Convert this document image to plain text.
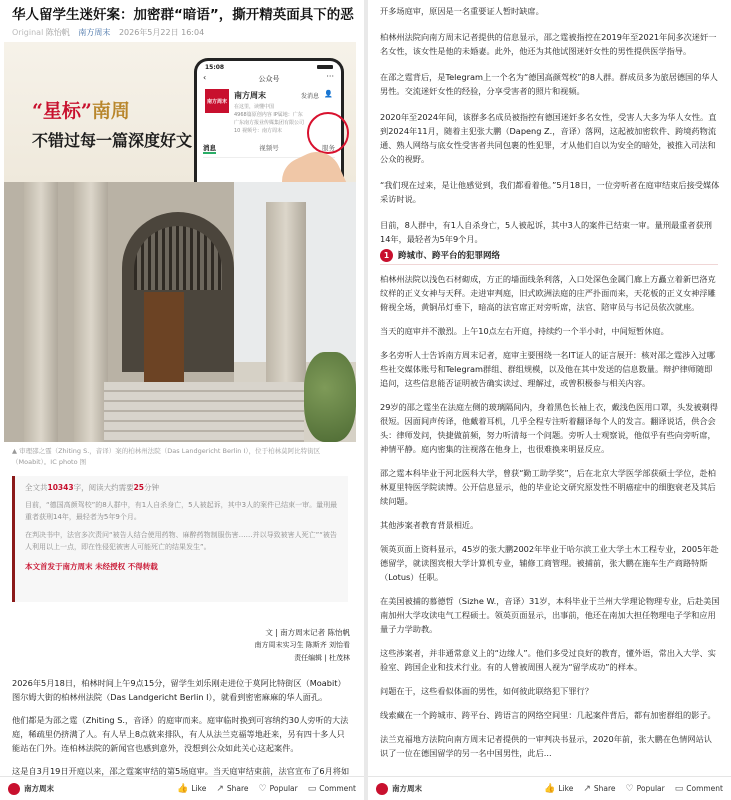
华人留学生迷奸案：加密群“暗语”，撕开精英面具下的恶
Original 陈怡帆 南方周末 2026年5月22日 16:04
“星标”南周
不错过每一篇深度好文
15:08
‹	公众号	···
南方周末
南方周末	发消息 👤
在这里，读懂中国
4968篇原创内容 IP属地：广东
广东南方报业传媒集团有限公司
10 视频号：南方周末
消息	视频号	服务
▲ 审理邵之霆（Zhiting S.，音译）案的柏林州法院（Das Landgericht Berlin I），位于柏林莫阿比特街区（Moabit）。IC photo 图
全文共10343字，阅读大约需要25分钟

目前，“德国高颜驾校”的8人群中，有1人自杀身亡，5人被起诉，其中3人的案件已结束一审。量刑最重者获刑14年，最轻者为5年9个月。

在判决书中，法官多次责问“被告人结合使用药物、麻醉药物制服伤害……并以导致被害人死亡”“被告人利用以上一点，即在性侵犯被害人可能死亡的结果发生”。

本文首发于南方周末 未经授权 不得转载
文 | 南方周末记者 陈怡帆
南方周末实习生 陈斯齐 刘怡看
责任编辑 | 杜茂林

2026年5月18日，柏林时间上午9点15分，留学生刘乐刚走进位于莫阿比特街区（Moabit）图尔姆大街的柏林州法院（Das Landgericht Berlin I），就看到密密麻麻的华人面孔。

他们都是为邵之霆（Zhiting S.，音译）的庭审而来。庭审临时换到可容纳约30人旁听的大法庭，稀疏里仍挤满了人。有人早上8点就来排队，有人从法兰克福等地赶来，另有四十多人只能站在门外。连柏林法院的新闻官也感到意外，没想到公众如此关心这起案件。

这是自3月19日开庭以来，邵之霆案审结的第5场庭审。当天庭审结束前，法官宣布了6月将如

南方周末	👍 Like ↗ Share ♡ Popular ▭ Comment

开多场庭审，原因是一名重要证人暂时缺席。

柏林州法院向南方周末记者提供的信息显示，邵之霆被指控在2019年至2021年间多次迷奸一名女性，该女性是他的未婚妻。此外，他还为其他试图迷奸女性的男性提供医学指导。

在邵之霆背后，是Telegram上一个名为“德国高颜驾校”的8人群。群成员多为旅居德国的华人男性。交流迷奸女性的经验，分享受害者的照片和视频。

2020年至2024年间，该群多名成员被指控有德国迷奸多名女性，受害人大多为华人女性。直到2024年11月，随着主犯张大鹏（Dapeng Z.，音译）落网，这起被加密软件、跨境药物流通、熟人网络与底女性受害者共同包裹的性犯罪，才从他们自以为安全的暗处，被推入司法和公众的视野。

“我们现在过来，是让他感觉到，我们都看着他。”5月18日，一位旁听者在庭审结束后接受媒体采访时说。

目前，8人群中，有1人自杀身亡，5人被起诉，其中3人的案件已结束一审。量刑最重者获刑14年，最轻者为5年9个月。

1	跨城市、跨平台的犯罪网络

柏林州法院以浅色石材砌成，方正的墙面线条利落，入口处深色金属门廊上方矗立着新巴洛克纹样的正义女神与天秤。走进审判庭，旧式欧洲法庭的庄严扑面而来，天花板的正义女神浮雕俯视全场，黄铜吊灯垂下，暗高的法官席正对旁听席，法官、陪审员与书记员依次就座。

当天的庭审并不激烈。上午10点左右开庭，持续约一个半小时，中间短暂休庭。

多名旁听人士告诉南方周末记者，庭审主要围绕一名IT证人的证言展开：核对邵之霆涉入过哪些社交媒体账号和Telegram群组、群组规模，以及他在其中发送的信息数量。辩护律师随即追问，这些信息能否证明被告确实读过、理解过，或曾积极参与相关内容。

29岁的邵之霆坐在法庭左侧的玻璃隔间内，身着黑色长袖上衣，戴浅色医用口罩，头发被剃得很短。因面间声传译，他戴着耳机，几乎全程专注听着翻译每个人的发言。翻译说话，供合会头：律师发问，快捷做前频，努力听清每一个问题。旁听人士观察说，他似乎有些向旁听席，神情平静。庭内密集的注视落在他身上，也很难换来明显反应。

邵之霆本科毕业于河北医科大学，曾获“勤工助学奖”，后在北京大学医学部获硕士学位，赴柏林夏里特医学院读博。公开信息显示，他的毕业论文研究原发性不明癌症中的细胞衰老及其后续问题。

其他涉案者教育背景相近。

领英页面上资料显示，45岁的张大鹏2002年毕业于哈尔滨工业大学土木工程专业，2005年赴德留学，就读图宾根大学计算机专业，辅修工商管理。被捕前，张大鹏在施车生产商路特斯（Lotus）任职。

在美国被捕的慕德哲（Sizhe W.，音译）31岁，本科毕业于兰州大学理论物理专业，后赴美国南加州大学攻读电气工程硕士。领英页面显示，出事前，他还在南加大担任物理电子学和应用量子力学助教。

这些涉案者，并非通常意义上的“边缘人”。他们多受过良好的教育，懂外语，常出入大学、实验室、跨国企业和技术行业。有的人曾被周围人视为“留学成功”的样本。

问题在于，这些看似体面的男性，如何彼此联络犯下罪行？

线索藏在一个跨城市、跨平台、跨语言的网络空间里：几起案件背后，都有加密群组的影子。

法兰克福地方法院向南方周末记者提供的一审判决书显示，2020年前，张大鹏在色情网站认识了一位在德国留学的另一名中国男性，此后...

南方周末	👍 Like ↗ Share ♡ Popular ▭ Comment
